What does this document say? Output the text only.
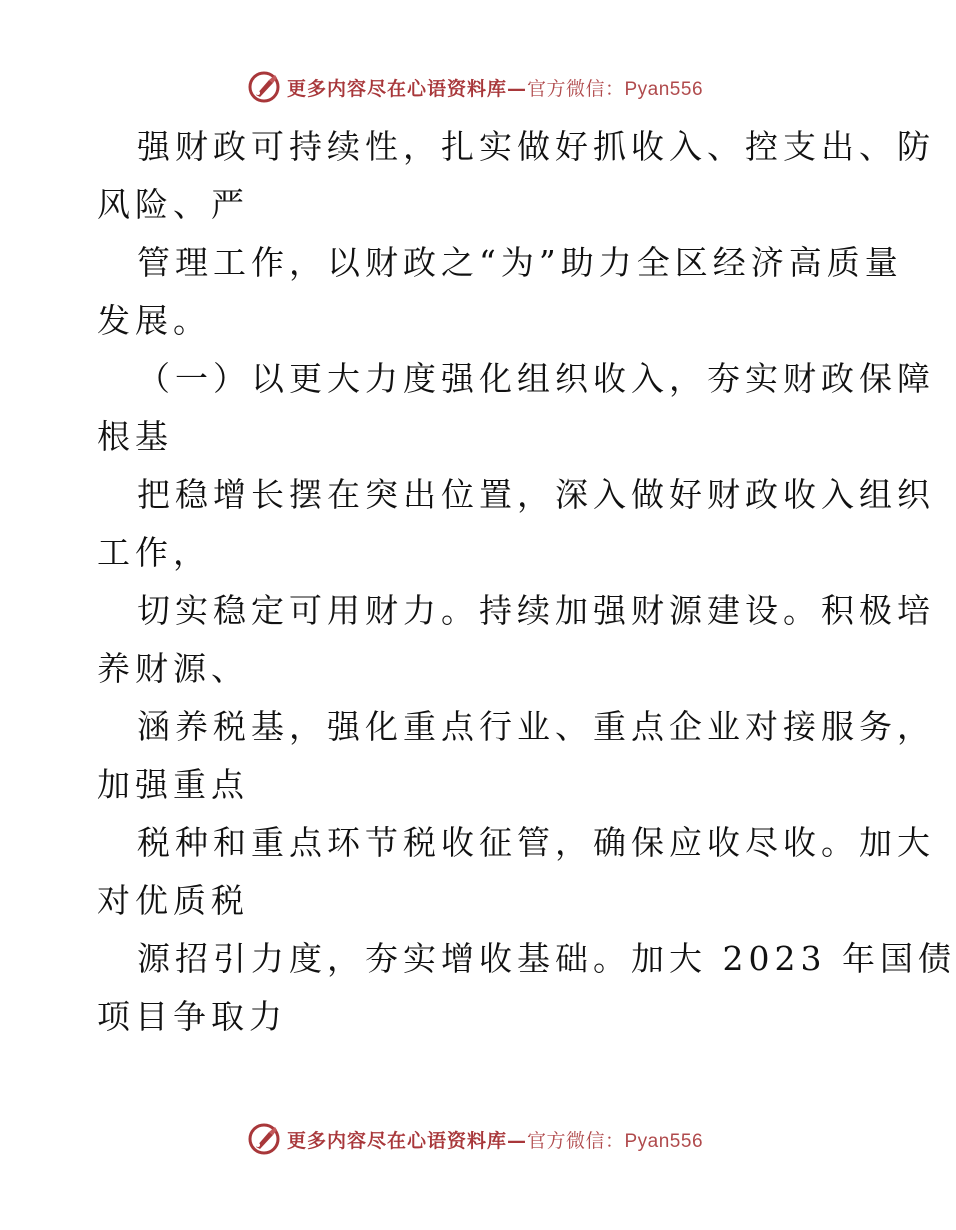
更多内容尽在心语资料库—官方微信：Pyan556
强财政可持续性，扎实做好抓收入、控支出、防
风险、严
管理工作，以财政之“为”助力全区经济高质量
发展。
（一）以更大力度强化组织收入，夯实财政保障
根基
把稳增长摆在突出位置，深入做好财政收入组织
工作，
切实稳定可用财力。持续加强财源建设。积极培
养财源、
涵养税基，强化重点行业、重点企业对接服务，
加强重点
税种和重点环节税收征管，确保应收尽收。加大
对优质税
源招引力度，夯实增收基础。加大 2023 年国债
项目争取力
更多内容尽在心语资料库—官方微信：Pyan556
